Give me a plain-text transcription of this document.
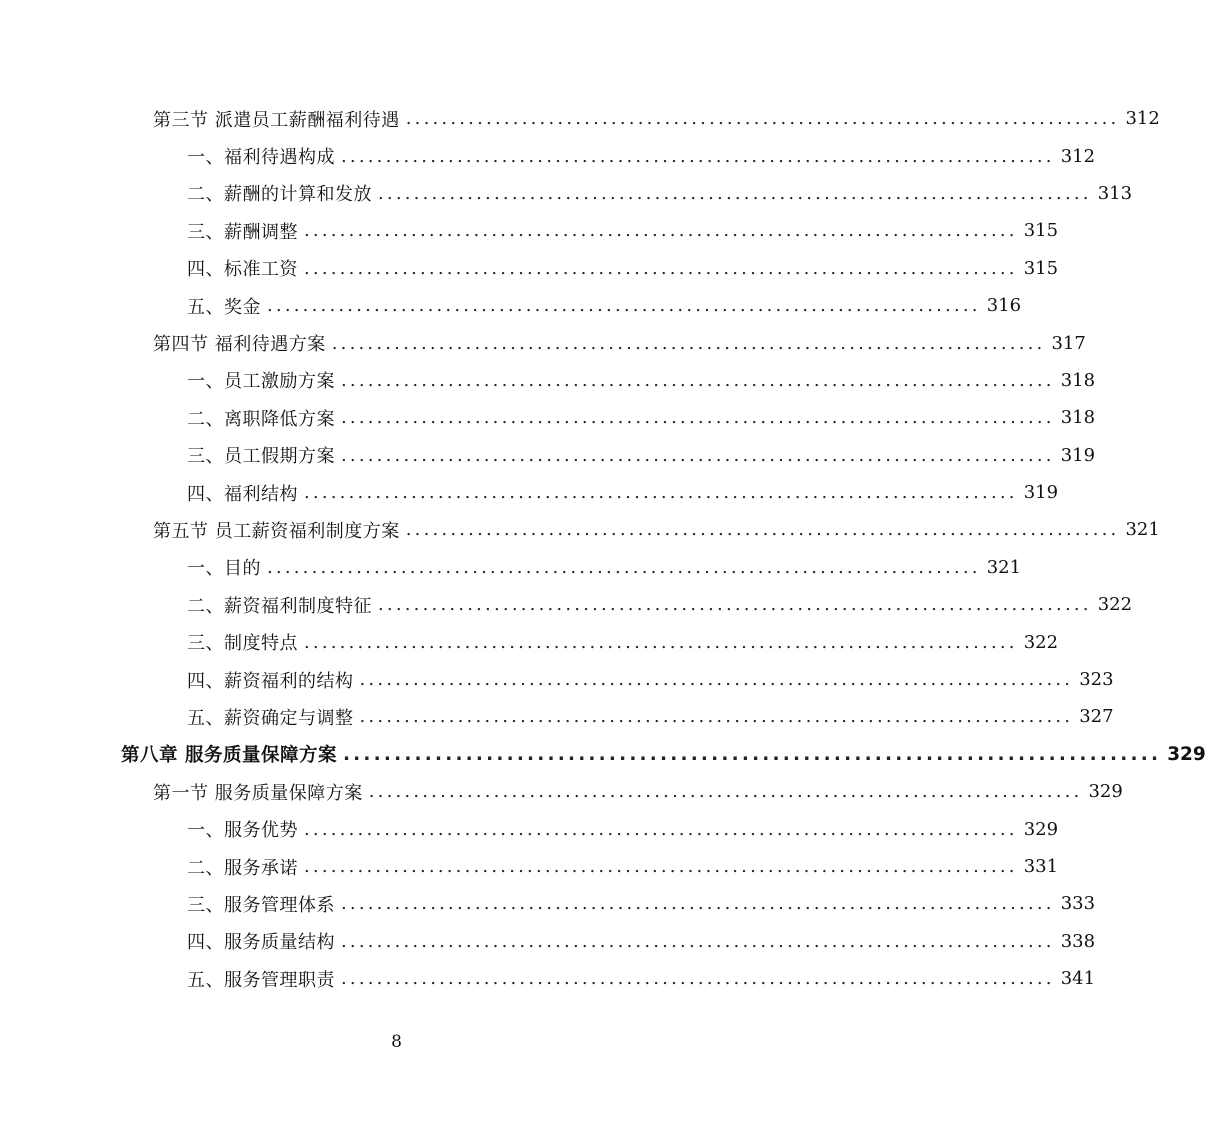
第三节 派遣员工薪酬福利待遇 ................................................................................ 312
一、福利待遇构成 ................................................................................ 312
二、薪酬的计算和发放 ................................................................................ 313
三、薪酬调整 ................................................................................ 315
四、标准工资 ................................................................................ 315
五、奖金 ................................................................................ 316
第四节 福利待遇方案 ................................................................................ 317
一、员工激励方案 ................................................................................ 318
二、离职降低方案 ................................................................................ 318
三、员工假期方案 ................................................................................ 319
四、福利结构 ................................................................................ 319
第五节 员工薪资福利制度方案 ................................................................................ 321
一、目的 ................................................................................ 321
二、薪资福利制度特征 ................................................................................ 322
三、制度特点 ................................................................................ 322
四、薪资福利的结构 ................................................................................ 323
五、薪资确定与调整 ................................................................................ 327
第八章 服务质量保障方案 ................................................................................ 329
第一节 服务质量保障方案 ................................................................................ 329
一、服务优势 ................................................................................ 329
二、服务承诺 ................................................................................ 331
三、服务管理体系 ................................................................................ 333
四、服务质量结构 ................................................................................ 338
五、服务管理职责 ................................................................................ 341
8
